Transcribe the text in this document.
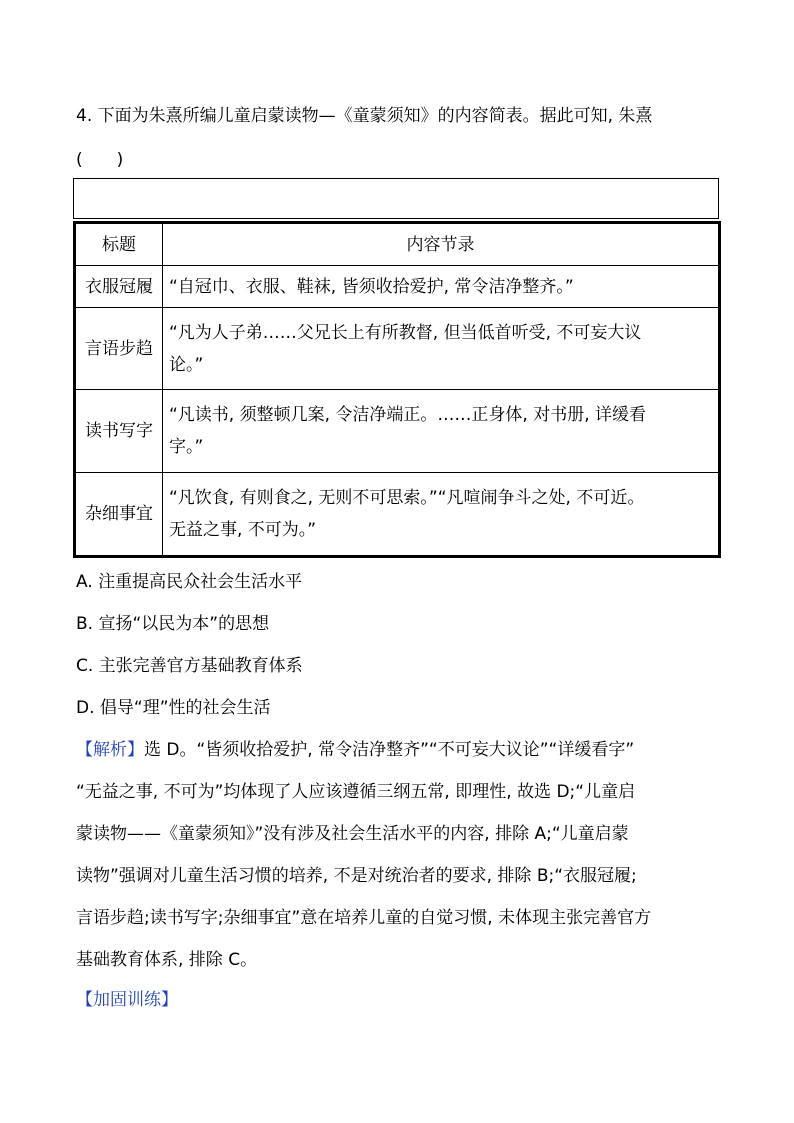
4. 下面为朱熹所编儿童启蒙读物—《童蒙须知》的内容简表。据此可知, 朱熹
(　　)
标题	内容节录
衣服冠履	“自冠巾、衣服、鞋袜, 皆须收拾爱护, 常令洁净整齐。”

言语步趋	“凡为人子弟……父兄长上有所教督, 但当低首听受, 不可妄大议
论。”

读书写字	“凡读书, 须整顿几案, 令洁净端正。……正身体, 对书册, 详缓看
字。”

杂细事宜	“凡饮食, 有则食之, 无则不可思索。”“凡喧闹争斗之处, 不可近。
无益之事, 不可为。”
A. 注重提高民众社会生活水平
B. 宣扬“以民为本”的思想
C. 主张完善官方基础教育体系
D. 倡导“理”性的社会生活
【解析】选 D。“皆须收拾爱护, 常令洁净整齐”“不可妄大议论”“详缓看字”
“无益之事, 不可为”均体现了人应该遵循三纲五常, 即理性, 故选 D;“儿童启
蒙读物——《童蒙须知》”没有涉及社会生活水平的内容, 排除 A;“儿童启蒙
读物”强调对儿童生活习惯的培养, 不是对统治者的要求, 排除 B;“衣服冠履;
言语步趋;读书写字;杂细事宜”意在培养儿童的自觉习惯, 未体现主张完善官方
基础教育体系, 排除 C。
【加固训练】
